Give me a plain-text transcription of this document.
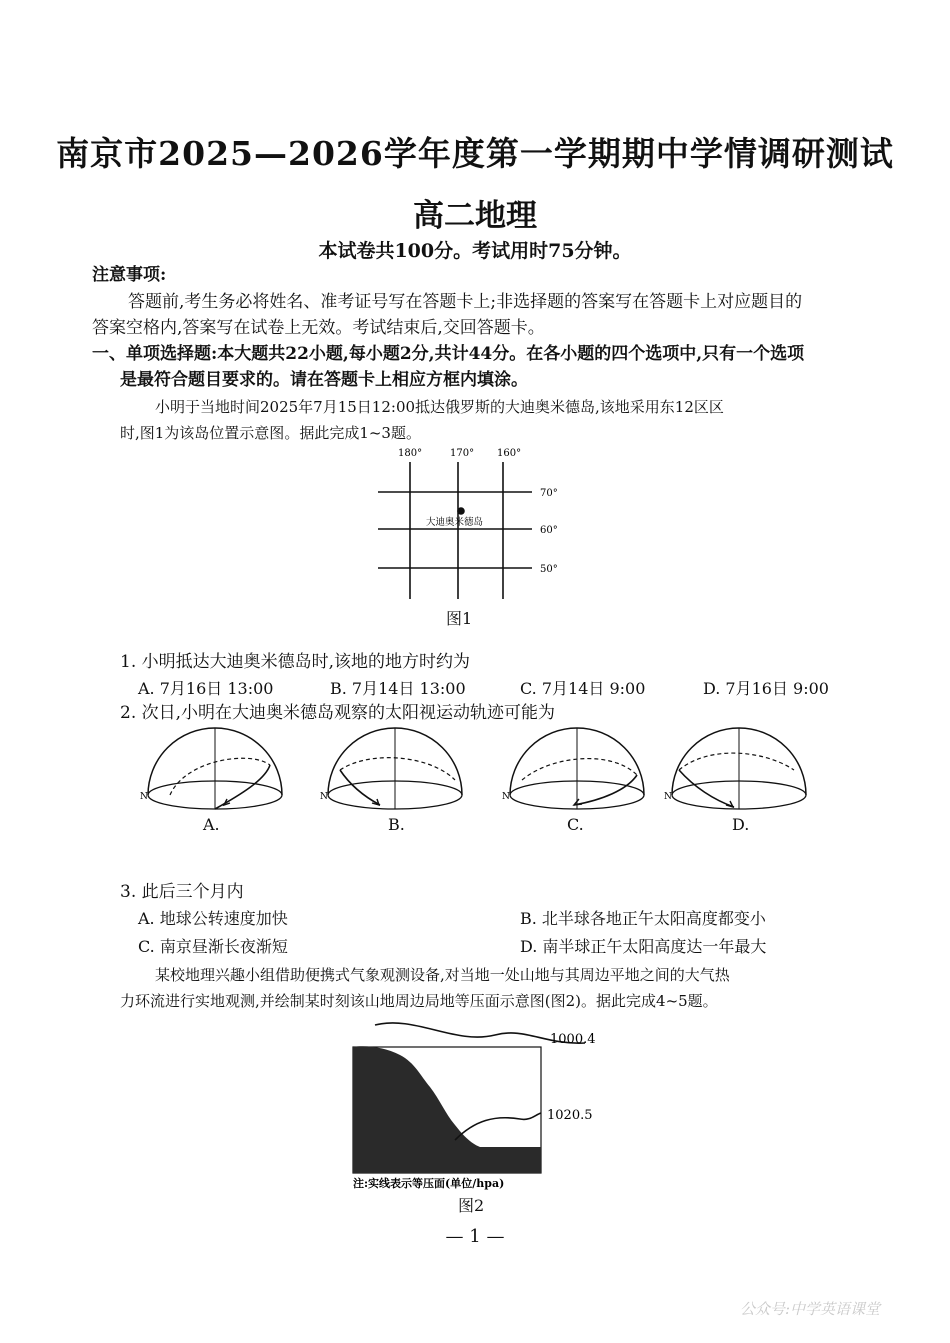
南京市2025—2026学年度第一学期期中学情调研测试
高二地理
本试卷共100分。考试用时75分钟。
注意事项:
答题前,考生务必将姓名、准考证号写在答题卡上;非选择题的答案写在答题卡上对应题目的
答案空格内,答案写在试卷上无效。考试结束后,交回答题卡。
一、单项选择题:本大题共22小题,每小题2分,共计44分。在各小题的四个选项中,只有一个选项
是最符合题目要求的。请在答题卡上相应方框内填涂。
小明于当地时间2025年7月15日12:00抵达俄罗斯的大迪奥米德岛,该地采用东12区区
时,图1为该岛位置示意图。据此完成1~3题。
180°	170° 160°
70°
60°
50°
大迪奥米德岛
图1
1. 小明抵达大迪奥米德岛时,该地的地方时约为
A. 7月16日 13:00	B. 7月14日 13:00	C. 7月14日 9:00	D. 7月16日 9:00
2. 次日,小明在大迪奥米德岛观察的太阳视运动轨迹可能为
N	N	N	N
A.	B.	C.	D.
3. 此后三个月内
A. 地球公转速度加快	B. 北半球各地正午太阳高度都变小
C. 南京昼渐长夜渐短	D. 南半球正午太阳高度达一年最大
某校地理兴趣小组借助便携式气象观测设备,对当地一处山地与其周边平地之间的大气热
力环流进行实地观测,并绘制某时刻该山地周边局地等压面示意图(图2)。据此完成4~5题。
1000.4
1020.5
注:实线表示等压面(单位/hpa)
图2
— 1 —
公众号:中学英语课堂
